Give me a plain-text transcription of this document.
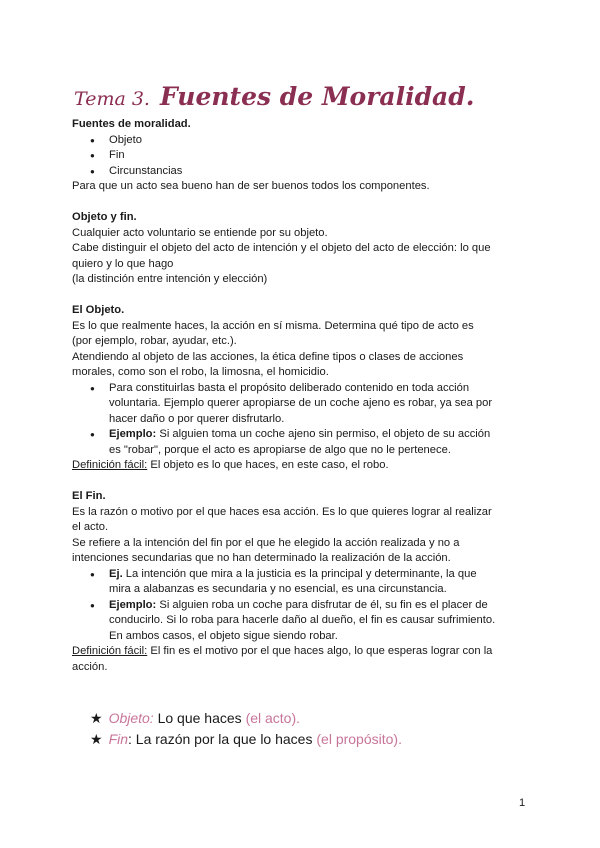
Tema 3. Fuentes de Moralidad.

Fuentes de moralidad.

● Objeto
● Fin
● Circunstancias

Para que un acto sea bueno han de ser buenos todos los componentes.

Objeto y fin.

Cualquier acto voluntario se entiende por su objeto.

Cabe distinguir el objeto del acto de intención y el objeto del acto de elección: lo que

quiero y lo que hago

(la distinción entre intención y elección)

El Objeto.

Es lo que realmente haces, la acción en sí misma. Determina qué tipo de acto es

(por ejemplo, robar, ayudar, etc.).

Atendiendo al objeto de las acciones, la ética define tipos o clases de acciones

morales, como son el robo, la limosna, el homicidio.

● Para constituirlas basta el propósito deliberado contenido en toda acción
voluntaria. Ejemplo querer apropiarse de un coche ajeno es robar, ya sea por
hacer daño o por querer disfrutarlo.
● Ejemplo: Si alguien toma un coche ajeno sin permiso, el objeto de su acción
es "robar", porque el acto es apropiarse de algo que no le pertenece.

Definición fácil: El objeto es lo que haces, en este caso, el robo.

El Fin.

Es la razón o motivo por el que haces esa acción. Es lo que quieres lograr al realizar

el acto.

Se refiere a la intención del fin por el que he elegido la acción realizada y no a

intenciones secundarias que no han determinado la realización de la acción.

● Ej. La intención que mira a la justicia es la principal y determinante, la que
mira a alabanzas es secundaria y no esencial, es una circunstancia.
● Ejemplo: Si alguien roba un coche para disfrutar de él, su fin es el placer de
conducirlo. Si lo roba para hacerle daño al dueño, el fin es causar sufrimiento.
En ambos casos, el objeto sigue siendo robar.

Definición fácil: El fin es el motivo por el que haces algo, lo que esperas lograr con la

acción.

★ Objeto: Lo que haces (el acto).
★ Fin: La razón por la que lo haces (el propósito).
1
